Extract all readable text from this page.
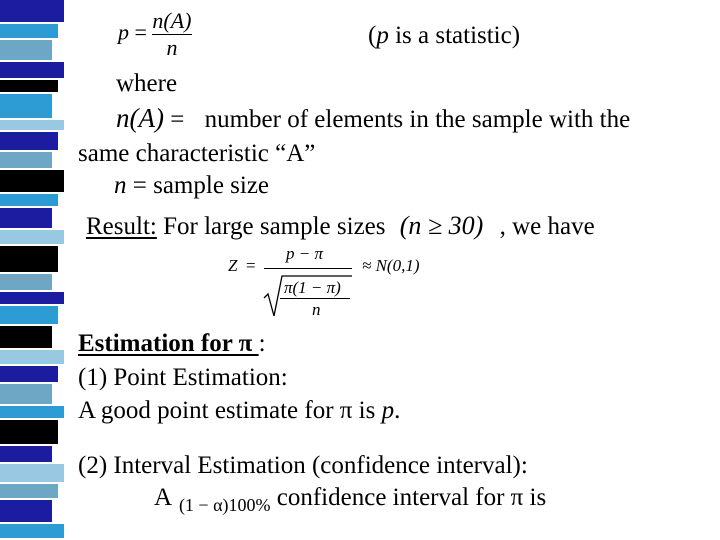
$p = \frac{n(A)}{n}$	(p is a statistic)
where
n(A) = number of elements in the sample with the
same characteristic “A”
n = sample size
Result: For large sample sizes (n ≥ 30) , we have
Z =
p − π
π(1 − π)
n
≈ N(0,1)
Estimation for π :
(1) Point Estimation:
A good point estimate for π is p.
(2) Interval Estimation (confidence interval):
A $_{(1 - \alpha)100\%}$ confidence interval for π is
